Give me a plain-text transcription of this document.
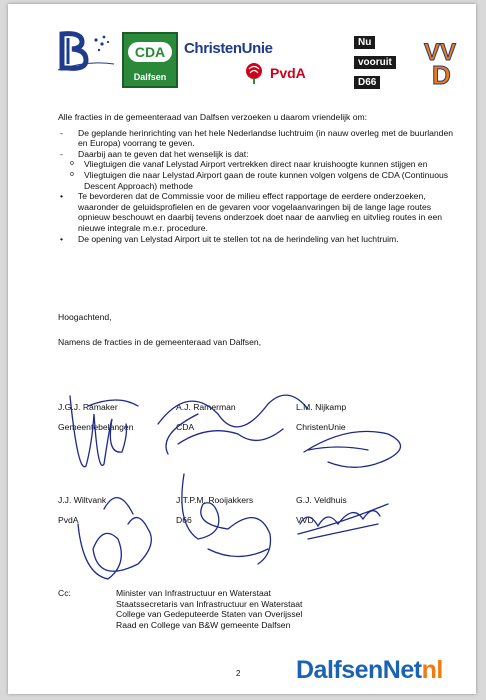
CDA
Dalfsen
ChristenUnie
PvdA
Nu
vooruit
D66
VV
D

Alle fracties in de gemeenteraad van Dalfsen verzoeken u daarom vriendelijk om:

- De geplande herinrichting van het hele Nederlandse luchtruim (in nauw overleg met de buurlanden en Europa) voorrang te geven.
- Daarbij aan te geven dat het wenselijk is dat:
o Vliegtuigen die vanaf Lelystad Airport vertrekken direct naar kruishoogte kunnen stijgen en
o Vliegtuigen die naar Lelystad Airport gaan de route kunnen volgen volgens de CDA (Continuous Descent Approach) methode
• Te bevorderen dat de Commissie voor de milieu effect rapportage de eerdere onderzoeken, waaronder de geluidsprofielen en de gevaren voor vogelaanvaringen bij de lange lage routes opnieuw beschouwt en daarbij tevens onderzoek doet naar de aanvlieg en uitvlieg routes in een nieuwe integrale m.e.r. procedure.
• De opening van Lelystad Airport uit te stellen tot na de herindeling van het luchtruim.
Hoogachtend,
Namens de fracties in de gemeenteraad van Dalfsen,
J.G.J. Ramaker
Gemeentebelangen
A.J. Ramerman
CDA
L.M. Nijkamp
ChristenUnie
J.J. Wiltvank
PvdA
J.T.P.M. Rooijakkers
D66
G.J. Veldhuis
VVD
Cc:	Minister van Infrastructuur en Waterstaat
Staatssecretaris van Infrastructuur en Waterstaat
College van Gedeputeerde Staten van Overijssel
Raad en College van B&W gemeente Dalfsen
2 DalfsenNetnl
